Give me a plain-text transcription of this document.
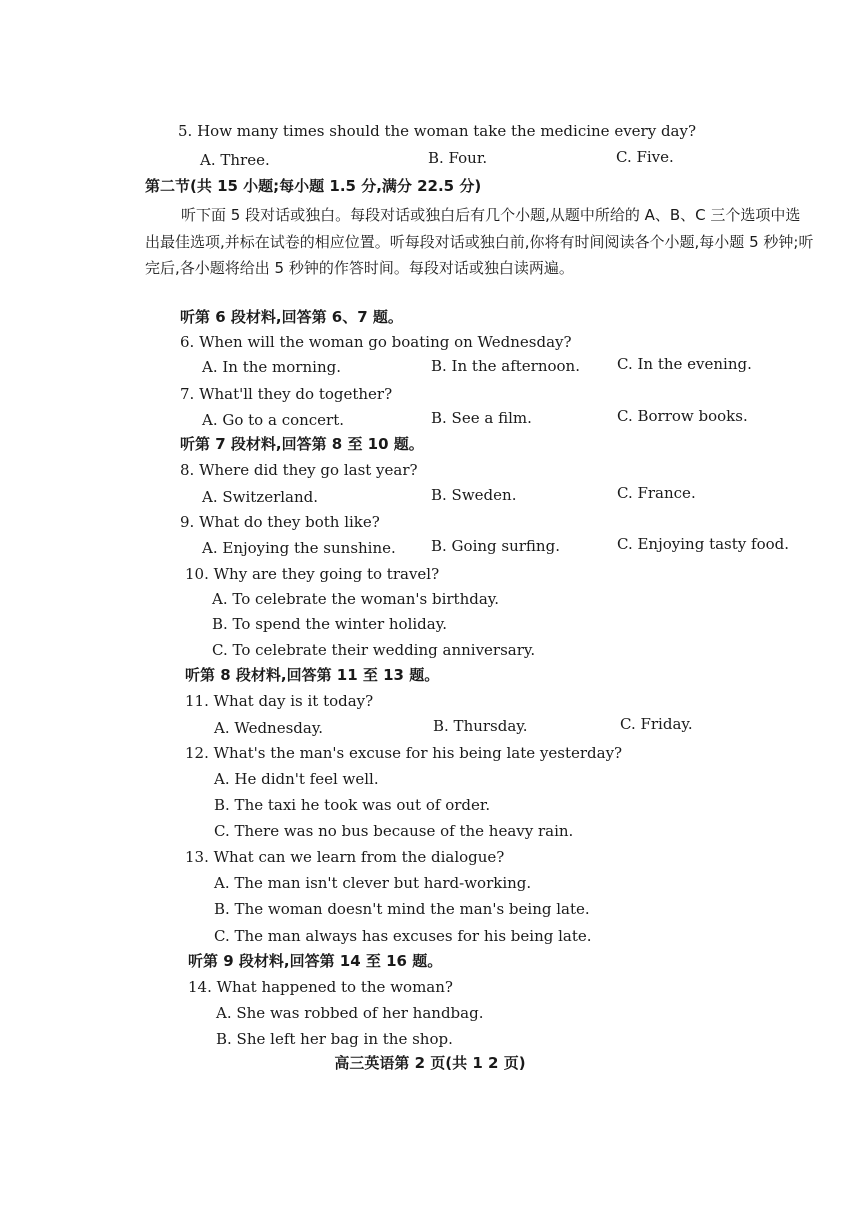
5. How many times should the woman take the medicine every day?
A. Three.	B. Four.	C. Five.
第二节(共 15 小题;每小题 1.5 分,满分 22.5 分)
听下面 5 段对话或独白。每段对话或独白后有几个小题,从题中所给的 A、B、C 三个选项中选出最佳选项,并标在试卷的相应位置。听每段对话或独白前,你将有时间阅读各个小题,每小题 5 秒钟;听完后,各小题将给出 5 秒钟的作答时间。每段对话或独白读两遍。
听第 6 段材料,回答第 6、7 题。
6. When will the woman go boating on Wednesday?
A. In the morning.	B. In the afternoon. C. In the evening.
7. What'll they do together?
A. Go to a concert.	B. See a film.	C. Borrow books.
听第 7 段材料,回答第 8 至 10 题。
8. Where did they go last year?
A. Switzerland.	B. Sweden.	C. France.
9. What do they both like?
A. Enjoying the sunshine. B. Going surfing.	C. Enjoying tasty food.
10. Why are they going to travel?
A. To celebrate the woman's birthday.
B. To spend the winter holiday.
C. To celebrate their wedding anniversary.
听第 8 段材料,回答第 11 至 13 题。
11. What day is it today?
A. Wednesday.	B. Thursday.	C. Friday.
12. What's the man's excuse for his being late yesterday?
A. He didn't feel well.
B. The taxi he took was out of order.
C. There was no bus because of the heavy rain.
13. What can we learn from the dialogue?
A. The man isn't clever but hard-working.
B. The woman doesn't mind the man's being late.
C. The man always has excuses for his being late.
听第 9 段材料,回答第 14 至 16 题。
14. What happened to the woman?
A. She was robbed of her handbag.
B. She left her bag in the shop.
高三英语第 2 页(共 1 2 页)
